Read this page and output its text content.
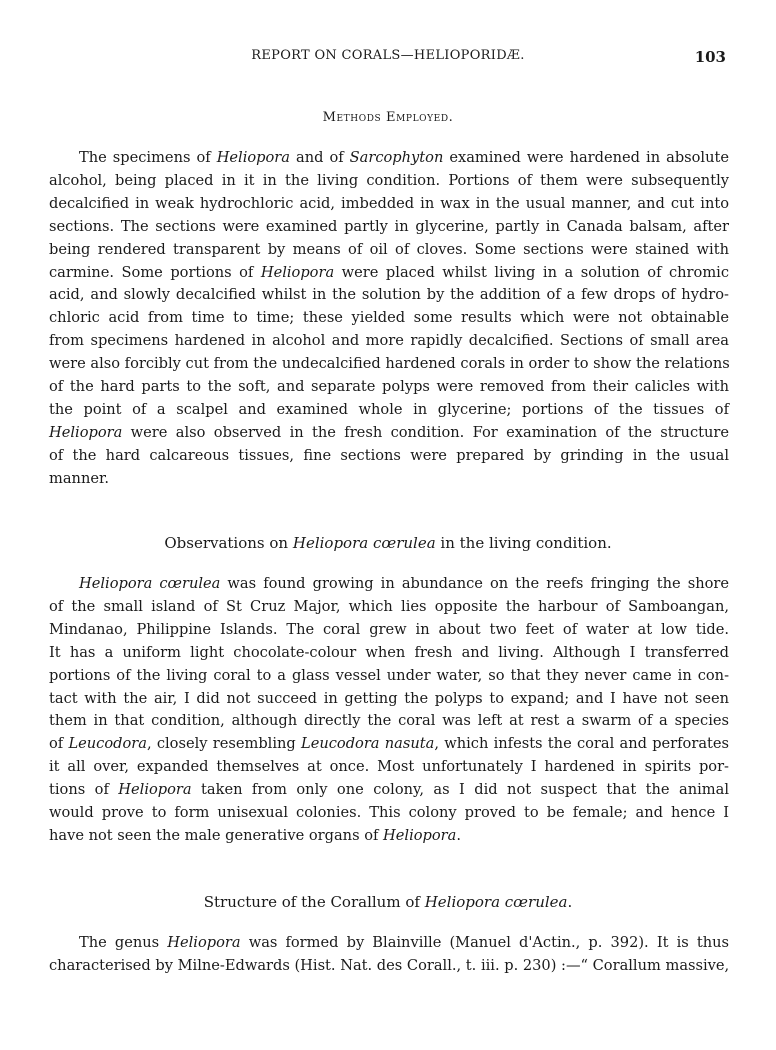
REPORT ON CORALS—HELIOPORIDÆ.	103
Methods Employed.
The specimens of Heliopora and of Sarcophyton examined were hardened in absolute
alcohol, being placed in it in the living condition. Portions of them were subsequently
decalcified in weak hydrochloric acid, imbedded in wax in the usual manner, and cut into
sections. The sections were examined partly in glycerine, partly in Canada balsam, after
being rendered transparent by means of oil of cloves. Some sections were stained with
carmine. Some portions of Heliopora were placed whilst living in a solution of chromic
acid, and slowly decalcified whilst in the solution by the addition of a few drops of hydro-
chloric acid from time to time; these yielded some results which were not obtainable
from specimens hardened in alcohol and more rapidly decalcified. Sections of small area
were also forcibly cut from the undecalcified hardened corals in order to show the relations
of the hard parts to the soft, and separate polyps were removed from their calicles with
the point of a scalpel and examined whole in glycerine; portions of the tissues of
Heliopora were also observed in the fresh condition. For examination of the structure
of the hard calcareous tissues, fine sections were prepared by grinding in the usual
manner.
Observations on Heliopora cœrulea in the living condition.
Heliopora cœrulea was found growing in abundance on the reefs fringing the shore
of the small island of St Cruz Major, which lies opposite the harbour of Samboangan,
Mindanao, Philippine Islands. The coral grew in about two feet of water at low tide.
It has a uniform light chocolate-colour when fresh and living. Although I transferred
portions of the living coral to a glass vessel under water, so that they never came in con-
tact with the air, I did not succeed in getting the polyps to expand; and I have not seen
them in that condition, although directly the coral was left at rest a swarm of a species
of Leucodora, closely resembling Leucodora nasuta, which infests the coral and perforates
it all over, expanded themselves at once. Most unfortunately I hardened in spirits por-
tions of Heliopora taken from only one colony, as I did not suspect that the animal
would prove to form unisexual colonies. This colony proved to be female; and hence I
have not seen the male generative organs of Heliopora.
Structure of the Corallum of Heliopora cœrulea.
The genus Heliopora was formed by Blainville (Manuel d'Actin., p. 392). It is thus
characterised by Milne-Edwards (Hist. Nat. des Corall., t. iii. p. 230) :—“ Corallum massive,
